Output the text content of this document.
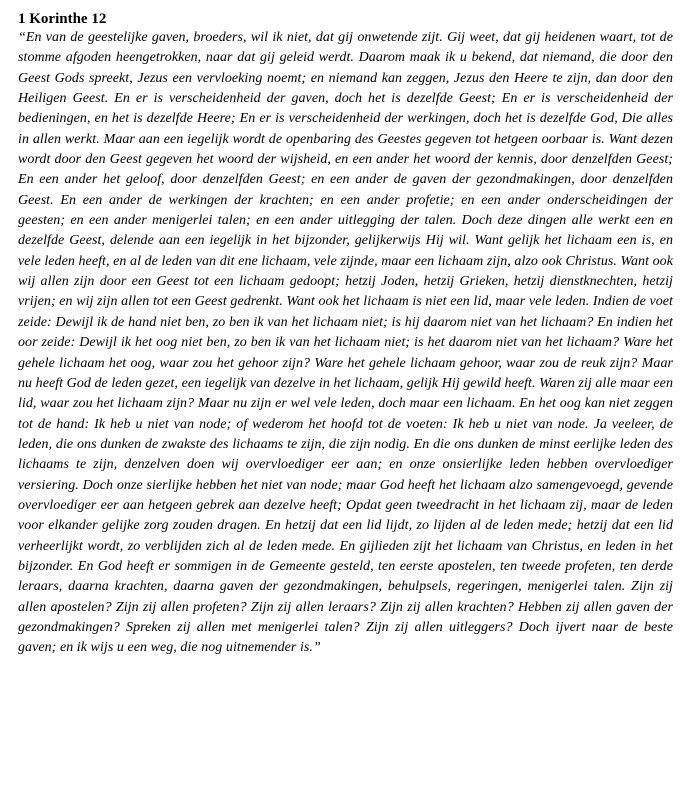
1 Korinthe 12

“En van de geestelijke gaven, broeders, wil ik niet, dat gij onwetende zijt. Gij weet, dat gij heidenen waart, tot de stomme afgoden heengetrokken, naar dat gij geleid werdt. Daarom maak ik u bekend, dat niemand, die door den Geest Gods spreekt, Jezus een vervloeking noemt; en niemand kan zeggen, Jezus den Heere te zijn, dan door den Heiligen Geest. En er is verscheidenheid der gaven, doch het is dezelfde Geest; En er is verscheidenheid der bedieningen, en het is dezelfde Heere; En er is verscheidenheid der werkingen, doch het is dezelfde God, Die alles in allen werkt. Maar aan een iegelijk wordt de openbaring des Geestes gegeven tot hetgeen oorbaar is. Want dezen wordt door den Geest gegeven het woord der wijsheid, en een ander het woord der kennis, door denzelfden Geest; En een ander het geloof, door denzelfden Geest; en een ander de gaven der gezondmakingen, door denzelfden Geest. En een ander de werkingen der krachten; en een ander profetie; en een ander onderscheidingen der geesten; en een ander menigerlei talen; en een ander uitlegging der talen. Doch deze dingen alle werkt een en dezelfde Geest, delende aan een iegelijk in het bijzonder, gelijkerwijs Hij wil. Want gelijk het lichaam een is, en vele leden heeft, en al de leden van dit ene lichaam, vele zijnde, maar een lichaam zijn, alzo ook Christus. Want ook wij allen zijn door een Geest tot een lichaam gedoopt; hetzij Joden, hetzij Grieken, hetzij dienstknechten, hetzij vrijen; en wij zijn allen tot een Geest gedrenkt. Want ook het lichaam is niet een lid, maar vele leden. Indien de voet zeide: Dewijl ik de hand niet ben, zo ben ik van het lichaam niet; is hij daarom niet van het lichaam? En indien het oor zeide: Dewijl ik het oog niet ben, zo ben ik van het lichaam niet; is het daarom niet van het lichaam? Ware het gehele lichaam het oog, waar zou het gehoor zijn? Ware het gehele lichaam gehoor, waar zou de reuk zijn? Maar nu heeft God de leden gezet, een iegelijk van dezelve in het lichaam, gelijk Hij gewild heeft. Waren zij alle maar een lid, waar zou het lichaam zijn? Maar nu zijn er wel vele leden, doch maar een lichaam. En het oog kan niet zeggen tot de hand: Ik heb u niet van node; of wederom het hoofd tot de voeten: Ik heb u niet van node. Ja veeleer, de leden, die ons dunken de zwakste des lichaams te zijn, die zijn nodig. En die ons dunken de minst eerlijke leden des lichaams te zijn, denzelven doen wij overvloediger eer aan; en onze onsierlijke leden hebben overvloediger versiering. Doch onze sierlijke hebben het niet van node; maar God heeft het lichaam alzo samengevoegd, gevende overvloediger eer aan hetgeen gebrek aan dezelve heeft; Opdat geen tweedracht in het lichaam zij, maar de leden voor elkander gelijke zorg zouden dragen. En hetzij dat een lid lijdt, zo lijden al de leden mede; hetzij dat een lid verheerlijkt wordt, zo verblijden zich al de leden mede. En gijlieden zijt het lichaam van Christus, en leden in het bijzonder. En God heeft er sommigen in de Gemeente gesteld, ten eerste apostelen, ten tweede profeten, ten derde leraars, daarna krachten, daarna gaven der gezondmakingen, behulpsels, regeringen, menigerlei talen. Zijn zij allen apostelen? Zijn zij allen profeten? Zijn zij allen leraars? Zijn zij allen krachten? Hebben zij allen gaven der gezondmakingen? Spreken zij allen met menigerlei talen? Zijn zij allen uitleggers? Doch ijvert naar de beste gaven; en ik wijs u een weg, die nog uitnemender is.”
